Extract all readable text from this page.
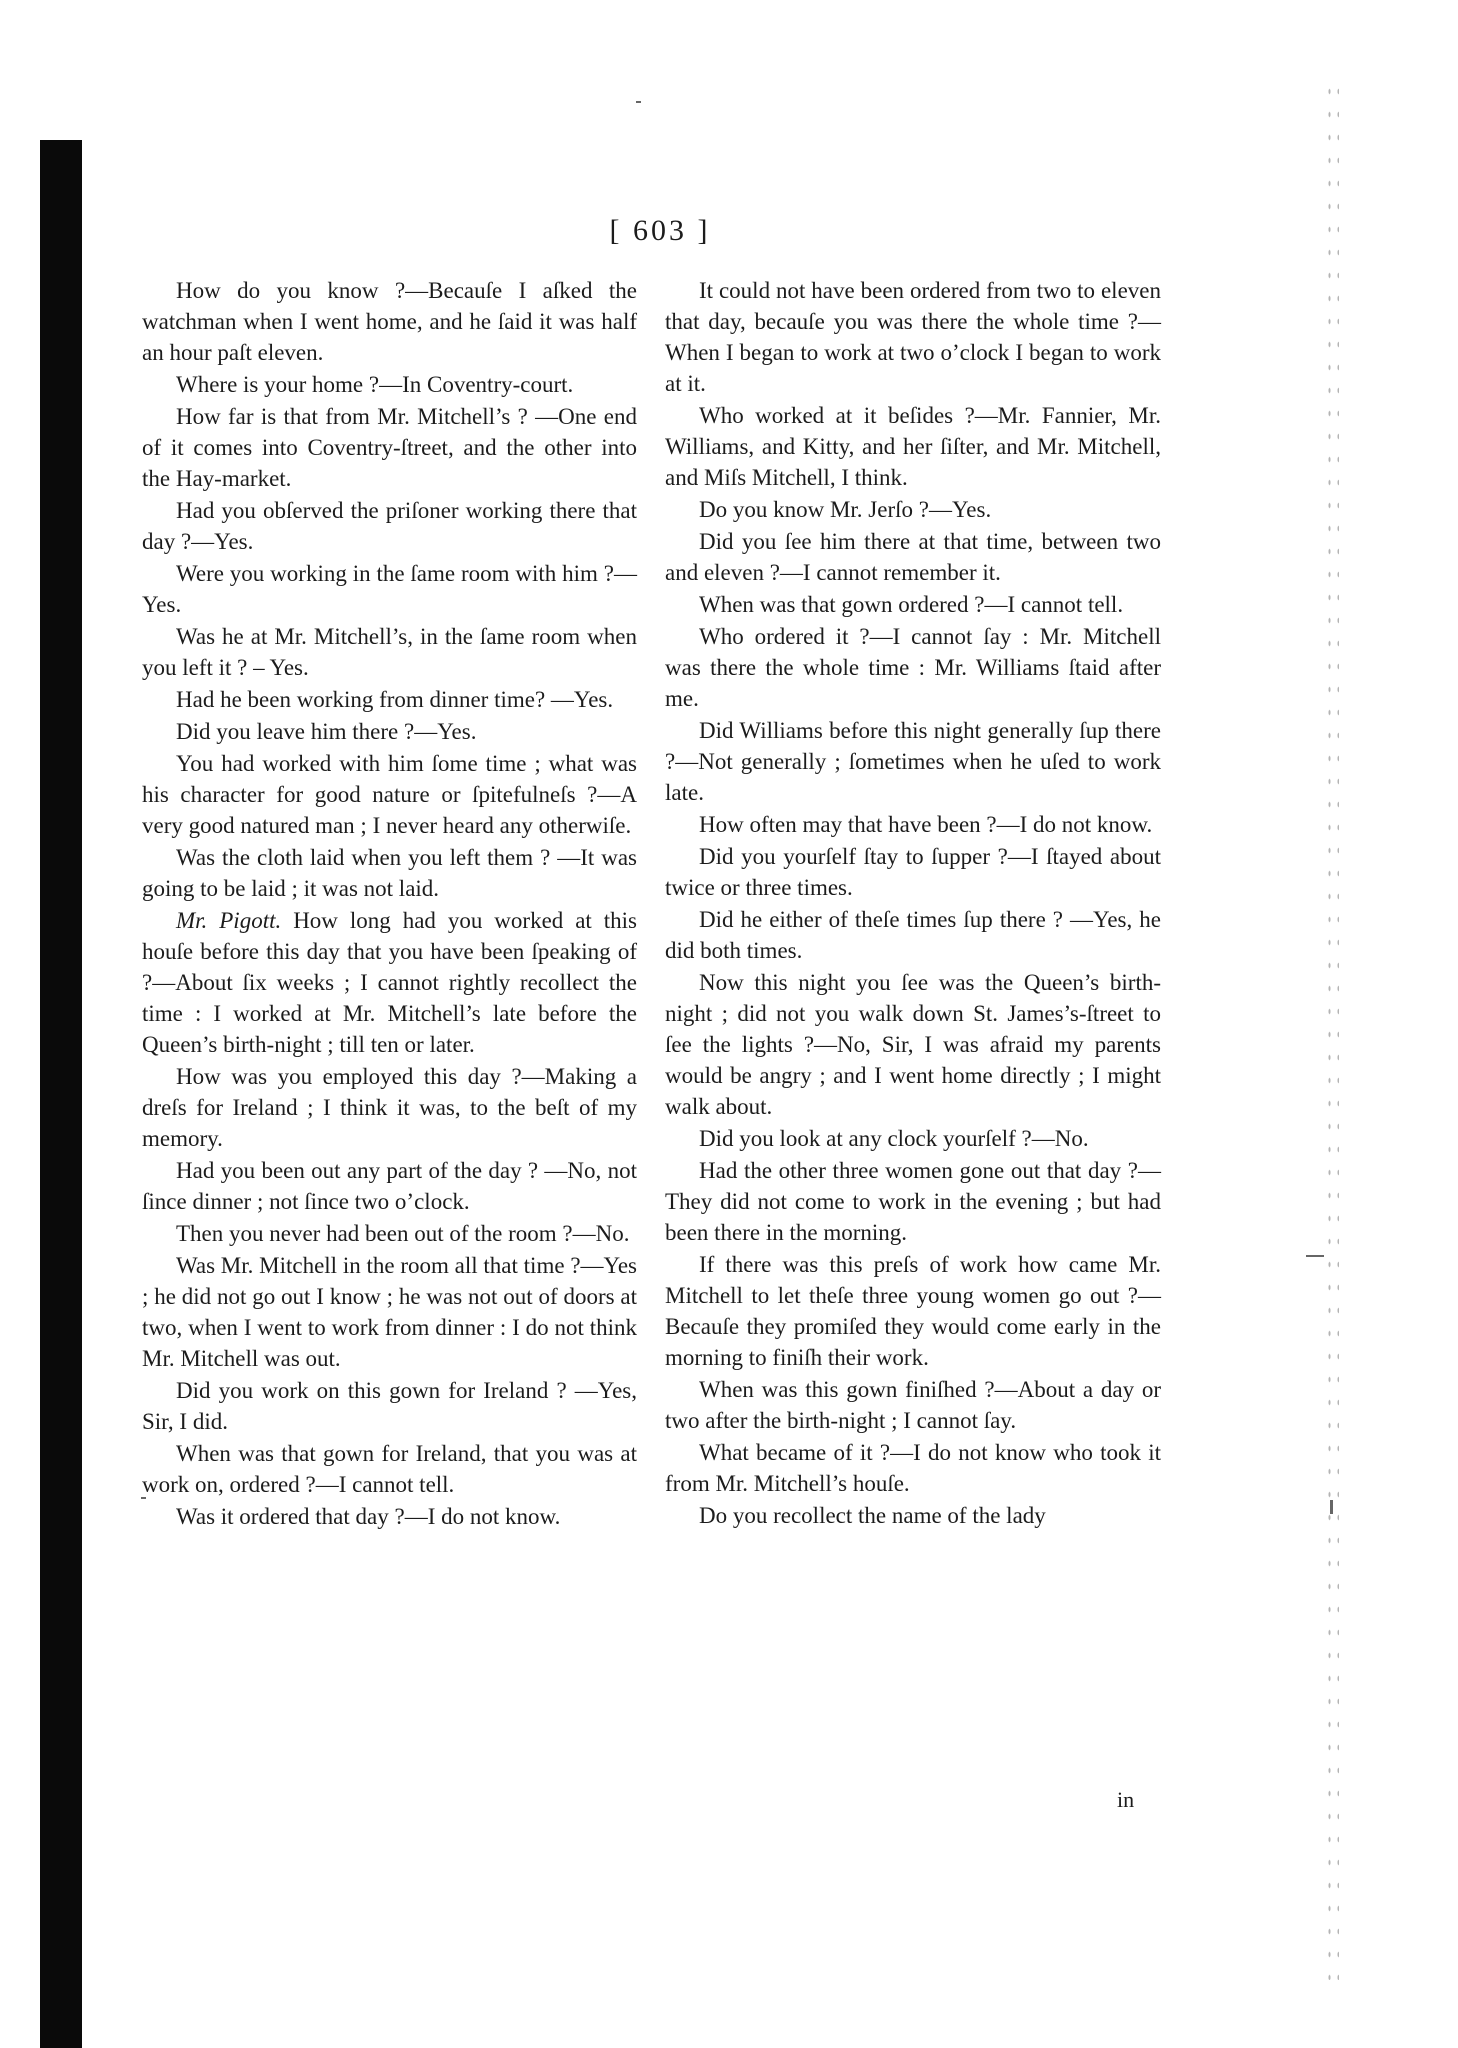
[ 603 ]

How do you know ?—Becauſe I aſked the watchman when I went home, and he ſaid it was half an hour paſt eleven.

Where is your home ?—In Coventry-court.

How far is that from Mr. Mitchell’s ? —One end of it comes into Coventry-ſtreet, and the other into the Hay-market.

Had you obſerved the priſoner working there that day ?—Yes.

Were you working in the ſame room with him ?—Yes.

Was he at Mr. Mitchell’s, in the ſame room when you left it ? – Yes.

Had he been working from dinner time? —Yes.

Did you leave him there ?—Yes.

You had worked with him ſome time ; what was his character for good nature or ſpitefulneſs ?—A very good natured man ; I never heard any otherwiſe.

Was the cloth laid when you left them ? —It was going to be laid ; it was not laid.

Mr. Pigott. How long had you worked at this houſe before this day that you have been ſpeaking of ?—About ſix weeks ; I cannot rightly recollect the time : I worked at Mr. Mitchell’s late before the Queen’s birth-night ; till ten or later.

How was you employed this day ?—Making a dreſs for Ireland ; I think it was, to the beſt of my memory.

Had you been out any part of the day ? —No, not ſince dinner ; not ſince two o’clock.

Then you never had been out of the room ?—No.

Was Mr. Mitchell in the room all that time ?—Yes ; he did not go out I know ; he was not out of doors at two, when I went to work from dinner : I do not think Mr. Mitchell was out.

Did you work on this gown for Ireland ? —Yes, Sir, I did.

When was that gown for Ireland, that you was at work on, ordered ?—I cannot tell.

Was it ordered that day ?—I do not know.

It could not have been ordered from two to eleven that day, becauſe you was there the whole time ?—When I began to work at two o’clock I began to work at it.

Who worked at it beſides ?—Mr. Fannier, Mr. Williams, and Kitty, and her ſiſter, and Mr. Mitchell, and Miſs Mitchell, I think.

Do you know Mr. Jerſo ?—Yes.

Did you ſee him there at that time, between two and eleven ?—I cannot remember it.

When was that gown ordered ?—I cannot tell.

Who ordered it ?—I cannot ſay : Mr. Mitchell was there the whole time : Mr. Williams ſtaid after me.

Did Williams before this night generally ſup there ?—Not generally ; ſometimes when he uſed to work late.

How often may that have been ?—I do not know.

Did you yourſelf ſtay to ſupper ?—I ſtayed about twice or three times.

Did he either of theſe times ſup there ? —Yes, he did both times.

Now this night you ſee was the Queen’s birth-night ; did not you walk down St. James’s-ſtreet to ſee the lights ?—No, Sir, I was afraid my parents would be angry ; and I went home directly ; I might walk about.

Did you look at any clock yourſelf ?—No.

Had the other three women gone out that day ?—They did not come to work in the evening ; but had been there in the morning.

If there was this preſs of work how came Mr. Mitchell to let theſe three young women go out ?—Becauſe they promiſed they would come early in the morning to finiſh their work.

When was this gown finiſhed ?—About a day or two after the birth-night ; I cannot ſay.

What became of it ?—I do not know who took it from Mr. Mitchell’s houſe.

Do you recollect the name of the lady

in
